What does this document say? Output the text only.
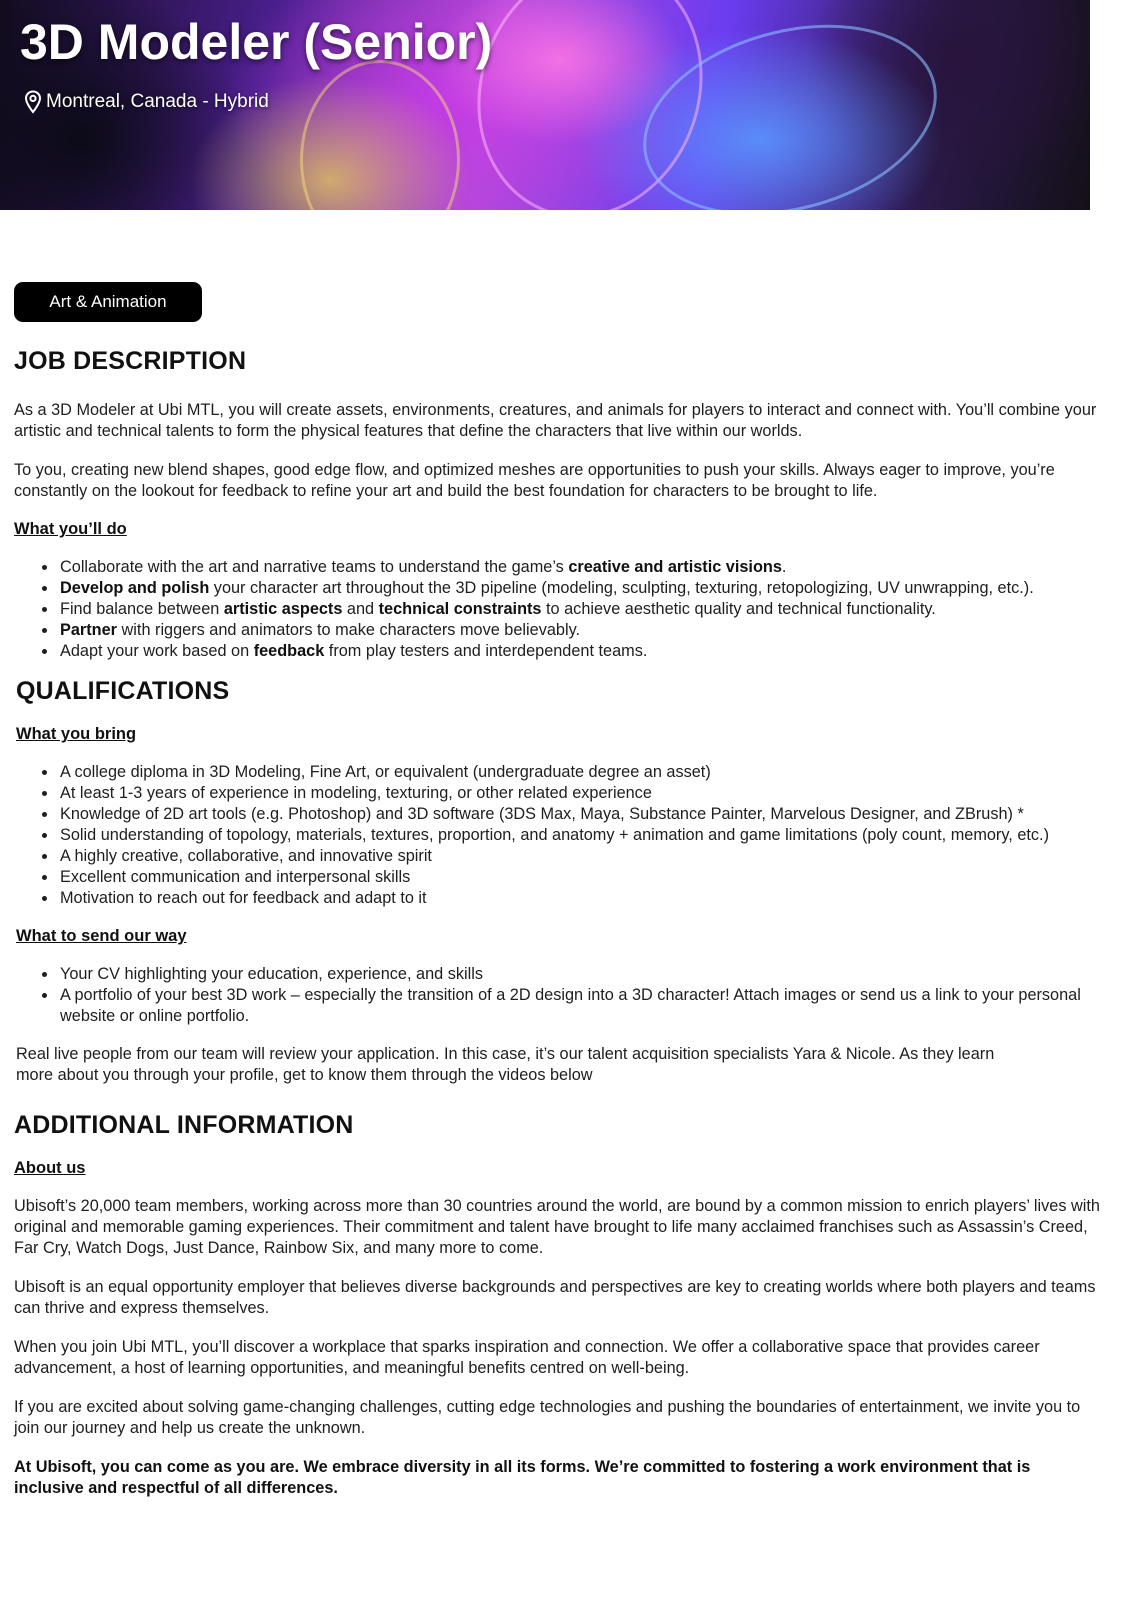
3D Modeler (Senior)
Montreal, Canada - Hybrid
Art & Animation
JOB DESCRIPTION

As a 3D Modeler at Ubi MTL, you will create assets, environments, creatures, and animals for players to interact and connect with. You’ll combine your artistic and technical talents to form the physical features that define the characters that live within our worlds.

To you, creating new blend shapes, good edge flow, and optimized meshes are opportunities to push your skills. Always eager to improve, you’re constantly on the lookout for feedback to refine your art and build the best foundation for characters to be brought to life.

What you’ll do
Collaborate with the art and narrative teams to understand the game’s creative and artistic visions.
Develop and polish your character art throughout the 3D pipeline (modeling, sculpting, texturing, retopologizing, UV unwrapping, etc.).
Find balance between artistic aspects and technical constraints to achieve aesthetic quality and technical functionality.
Partner with riggers and animators to make characters move believably.
Adapt your work based on feedback from play testers and interdependent teams.
QUALIFICATIONS
What you bring
A college diploma in 3D Modeling, Fine Art, or equivalent (undergraduate degree an asset)
At least 1-3 years of experience in modeling, texturing, or other related experience
Knowledge of 2D art tools (e.g. Photoshop) and 3D software (3DS Max, Maya, Substance Painter, Marvelous Designer, and ZBrush) *
Solid understanding of topology, materials, textures, proportion, and anatomy + animation and game limitations (poly count, memory, etc.)
A highly creative, collaborative, and innovative spirit
Excellent communication and interpersonal skills
Motivation to reach out for feedback and adapt to it
What to send our way
Your CV highlighting your education, experience, and skills
A portfolio of your best 3D work – especially the transition of a 2D design into a 3D character! Attach images or send us a link to your personal website or online portfolio.

Real live people from our team will review your application. In this case, it’s our talent acquisition specialists Yara & Nicole. As they learn more about you through your profile, get to know them through the videos below

ADDITIONAL INFORMATION
About us

Ubisoft’s 20,000 team members, working across more than 30 countries around the world, are bound by a common mission to enrich players’ lives with original and memorable gaming experiences. Their commitment and talent have brought to life many acclaimed franchises such as Assassin’s Creed, Far Cry, Watch Dogs, Just Dance, Rainbow Six, and many more to come.

Ubisoft is an equal opportunity employer that believes diverse backgrounds and perspectives are key to creating worlds where both players and teams can thrive and express themselves.

When you join Ubi MTL, you’ll discover a workplace that sparks inspiration and connection. We offer a collaborative space that provides career advancement, a host of learning opportunities, and meaningful benefits centred on well-being.

If you are excited about solving game-changing challenges, cutting edge technologies and pushing the boundaries of entertainment, we invite you to join our journey and help us create the unknown.

At Ubisoft, you can come as you are. We embrace diversity in all its forms. We’re committed to fostering a work environment that is inclusive and respectful of all differences.
